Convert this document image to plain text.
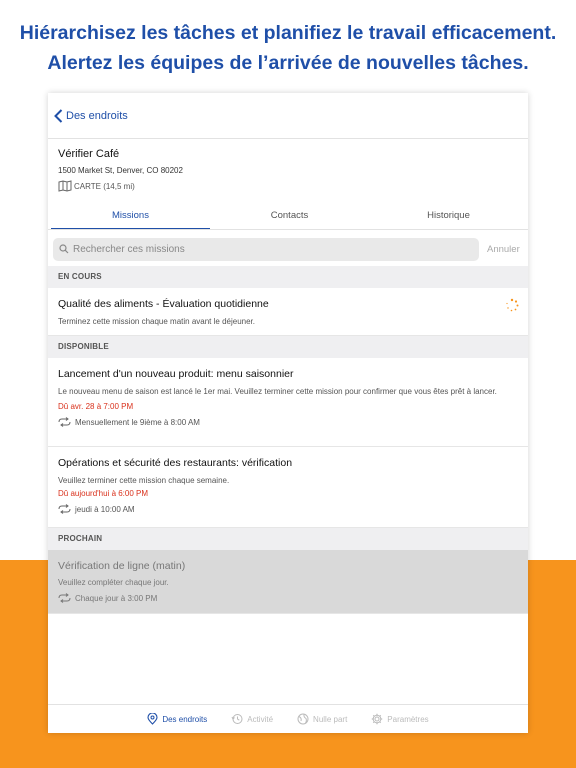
Hiérarchisez les tâches et planifiez le travail efficacement.
Alertez les équipes de l’arrivée de nouvelles tâches.
Des endroits
Vérifier Café
1500 Market St, Denver, CO 80202
CARTE (14,5 mi)
Missions	Contacts	Historique
Rechercher ces missions	Annuler
EN COURS
Qualité des aliments - Évaluation quotidienne
Terminez cette mission chaque matin avant le déjeuner.
DISPONIBLE
Lancement d'un nouveau produit: menu saisonnier
Le nouveau menu de saison est lancé le 1er mai. Veuillez terminer cette mission pour confirmer que vous êtes prêt à lancer.
Dû avr. 28 à 7:00 PM
Mensuellement le 9ième à 8:00 AM
Opérations et sécurité des restaurants: vérification
Veuillez terminer cette mission chaque semaine.
Dû aujourd'hui à 6:00 PM
jeudi à 10:00 AM
PROCHAIN
Vérification de ligne (matin)
Veuillez compléter chaque jour.
Chaque jour à 3:00 PM
Des endroits	Activité	Nulle part	Paramètres
